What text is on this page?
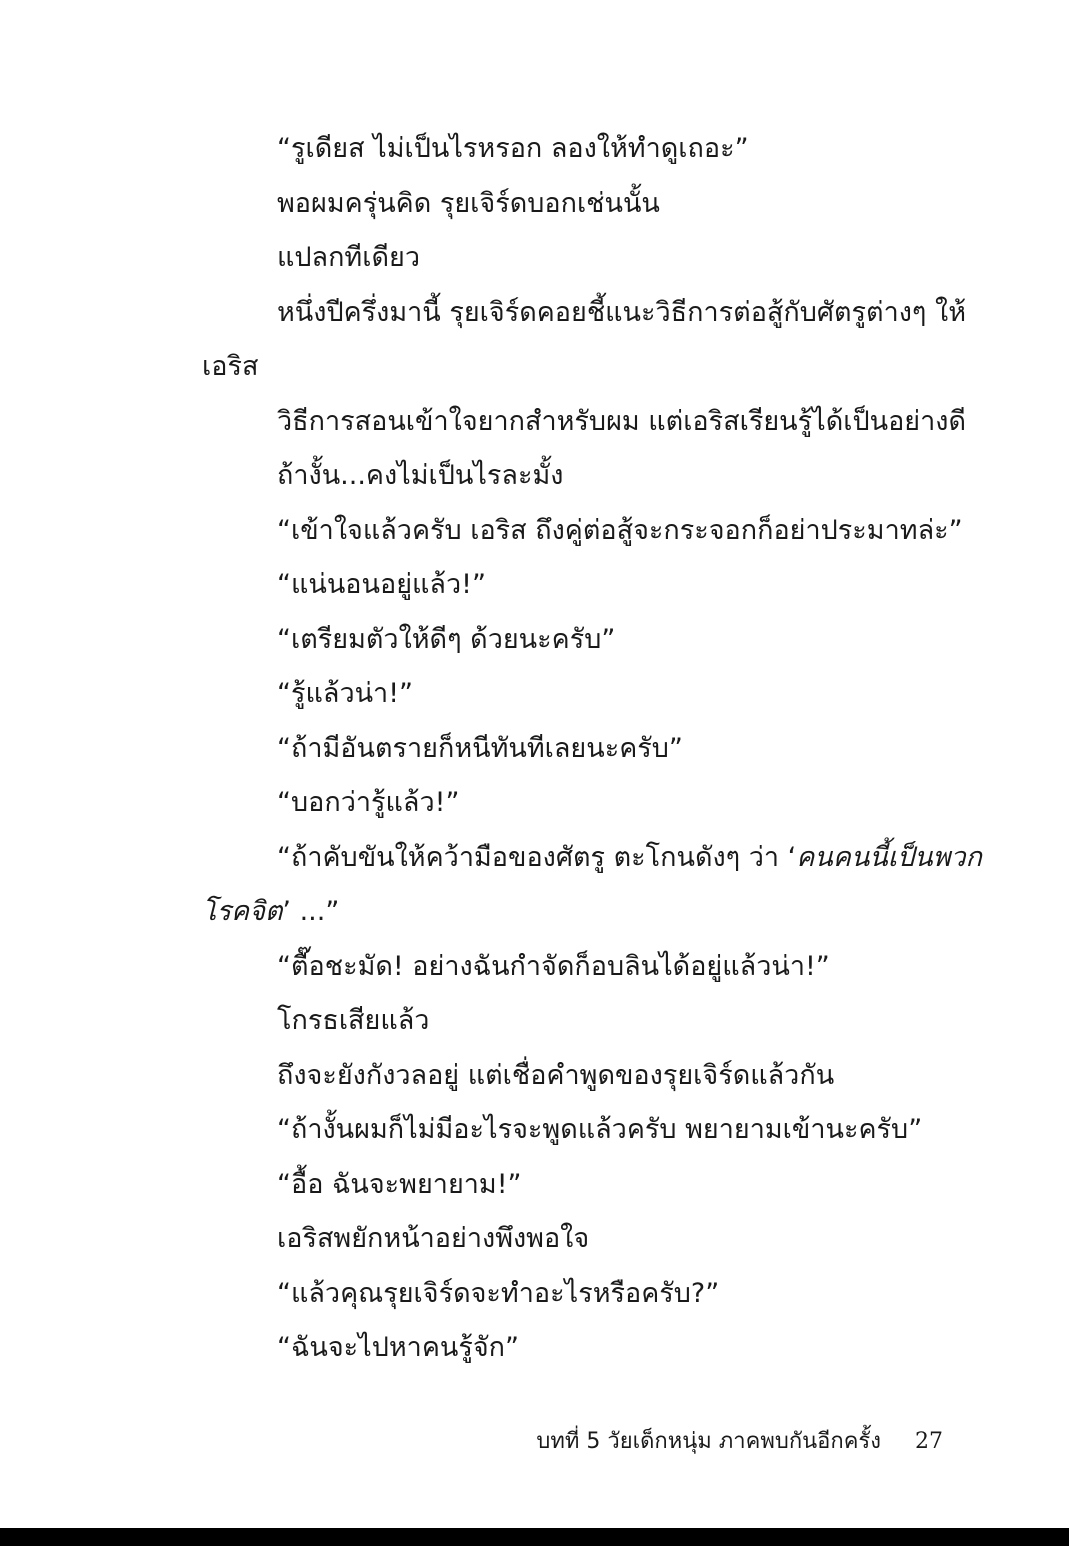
“รูเดียส ไม่เป็นไรหรอก ลองให้ทำดูเถอะ”
พอผมครุ่นคิด รุยเจิร์ดบอกเช่นนั้น
แปลกทีเดียว
หนึ่งปีครึ่งมานี้ รุยเจิร์ดคอยชี้แนะวิธีการต่อสู้กับศัตรูต่างๆ ให้
เอริส
วิธีการสอนเข้าใจยากสำหรับผม แต่เอริสเรียนรู้ได้เป็นอย่างดี
ถ้างั้น...คงไม่เป็นไรละมั้ง
“เข้าใจแล้วครับ เอริส ถึงคู่ต่อสู้จะกระจอกก็อย่าประมาทล่ะ”
“แน่นอนอยู่แล้ว!”
“เตรียมตัวให้ดีๆ ด้วยนะครับ”
“รู้แล้วน่า!”
“ถ้ามีอันตรายก็หนีทันทีเลยนะครับ”
“บอกว่ารู้แล้ว!”
“ถ้าคับขันให้คว้ามือของศัตรู ตะโกนดังๆ ว่า ‘คนคนนี้เป็นพวก
โรคจิต’ ...”
“ตื๊อชะมัด! อย่างฉันกำจัดก็อบลินได้อยู่แล้วน่า!”
โกรธเสียแล้ว
ถึงจะยังกังวลอยู่ แต่เชื่อคำพูดของรุยเจิร์ดแล้วกัน
“ถ้างั้นผมก็ไม่มีอะไรจะพูดแล้วครับ พยายามเข้านะครับ”
“อื้อ ฉันจะพยายาม!”
เอริสพยักหน้าอย่างพึงพอใจ
“แล้วคุณรุยเจิร์ดจะทำอะไรหรือครับ?”
“ฉันจะไปหาคนรู้จัก”
บทที่ 5 วัยเด็กหนุ่ม ภาคพบกันอีกครั้ง 27
